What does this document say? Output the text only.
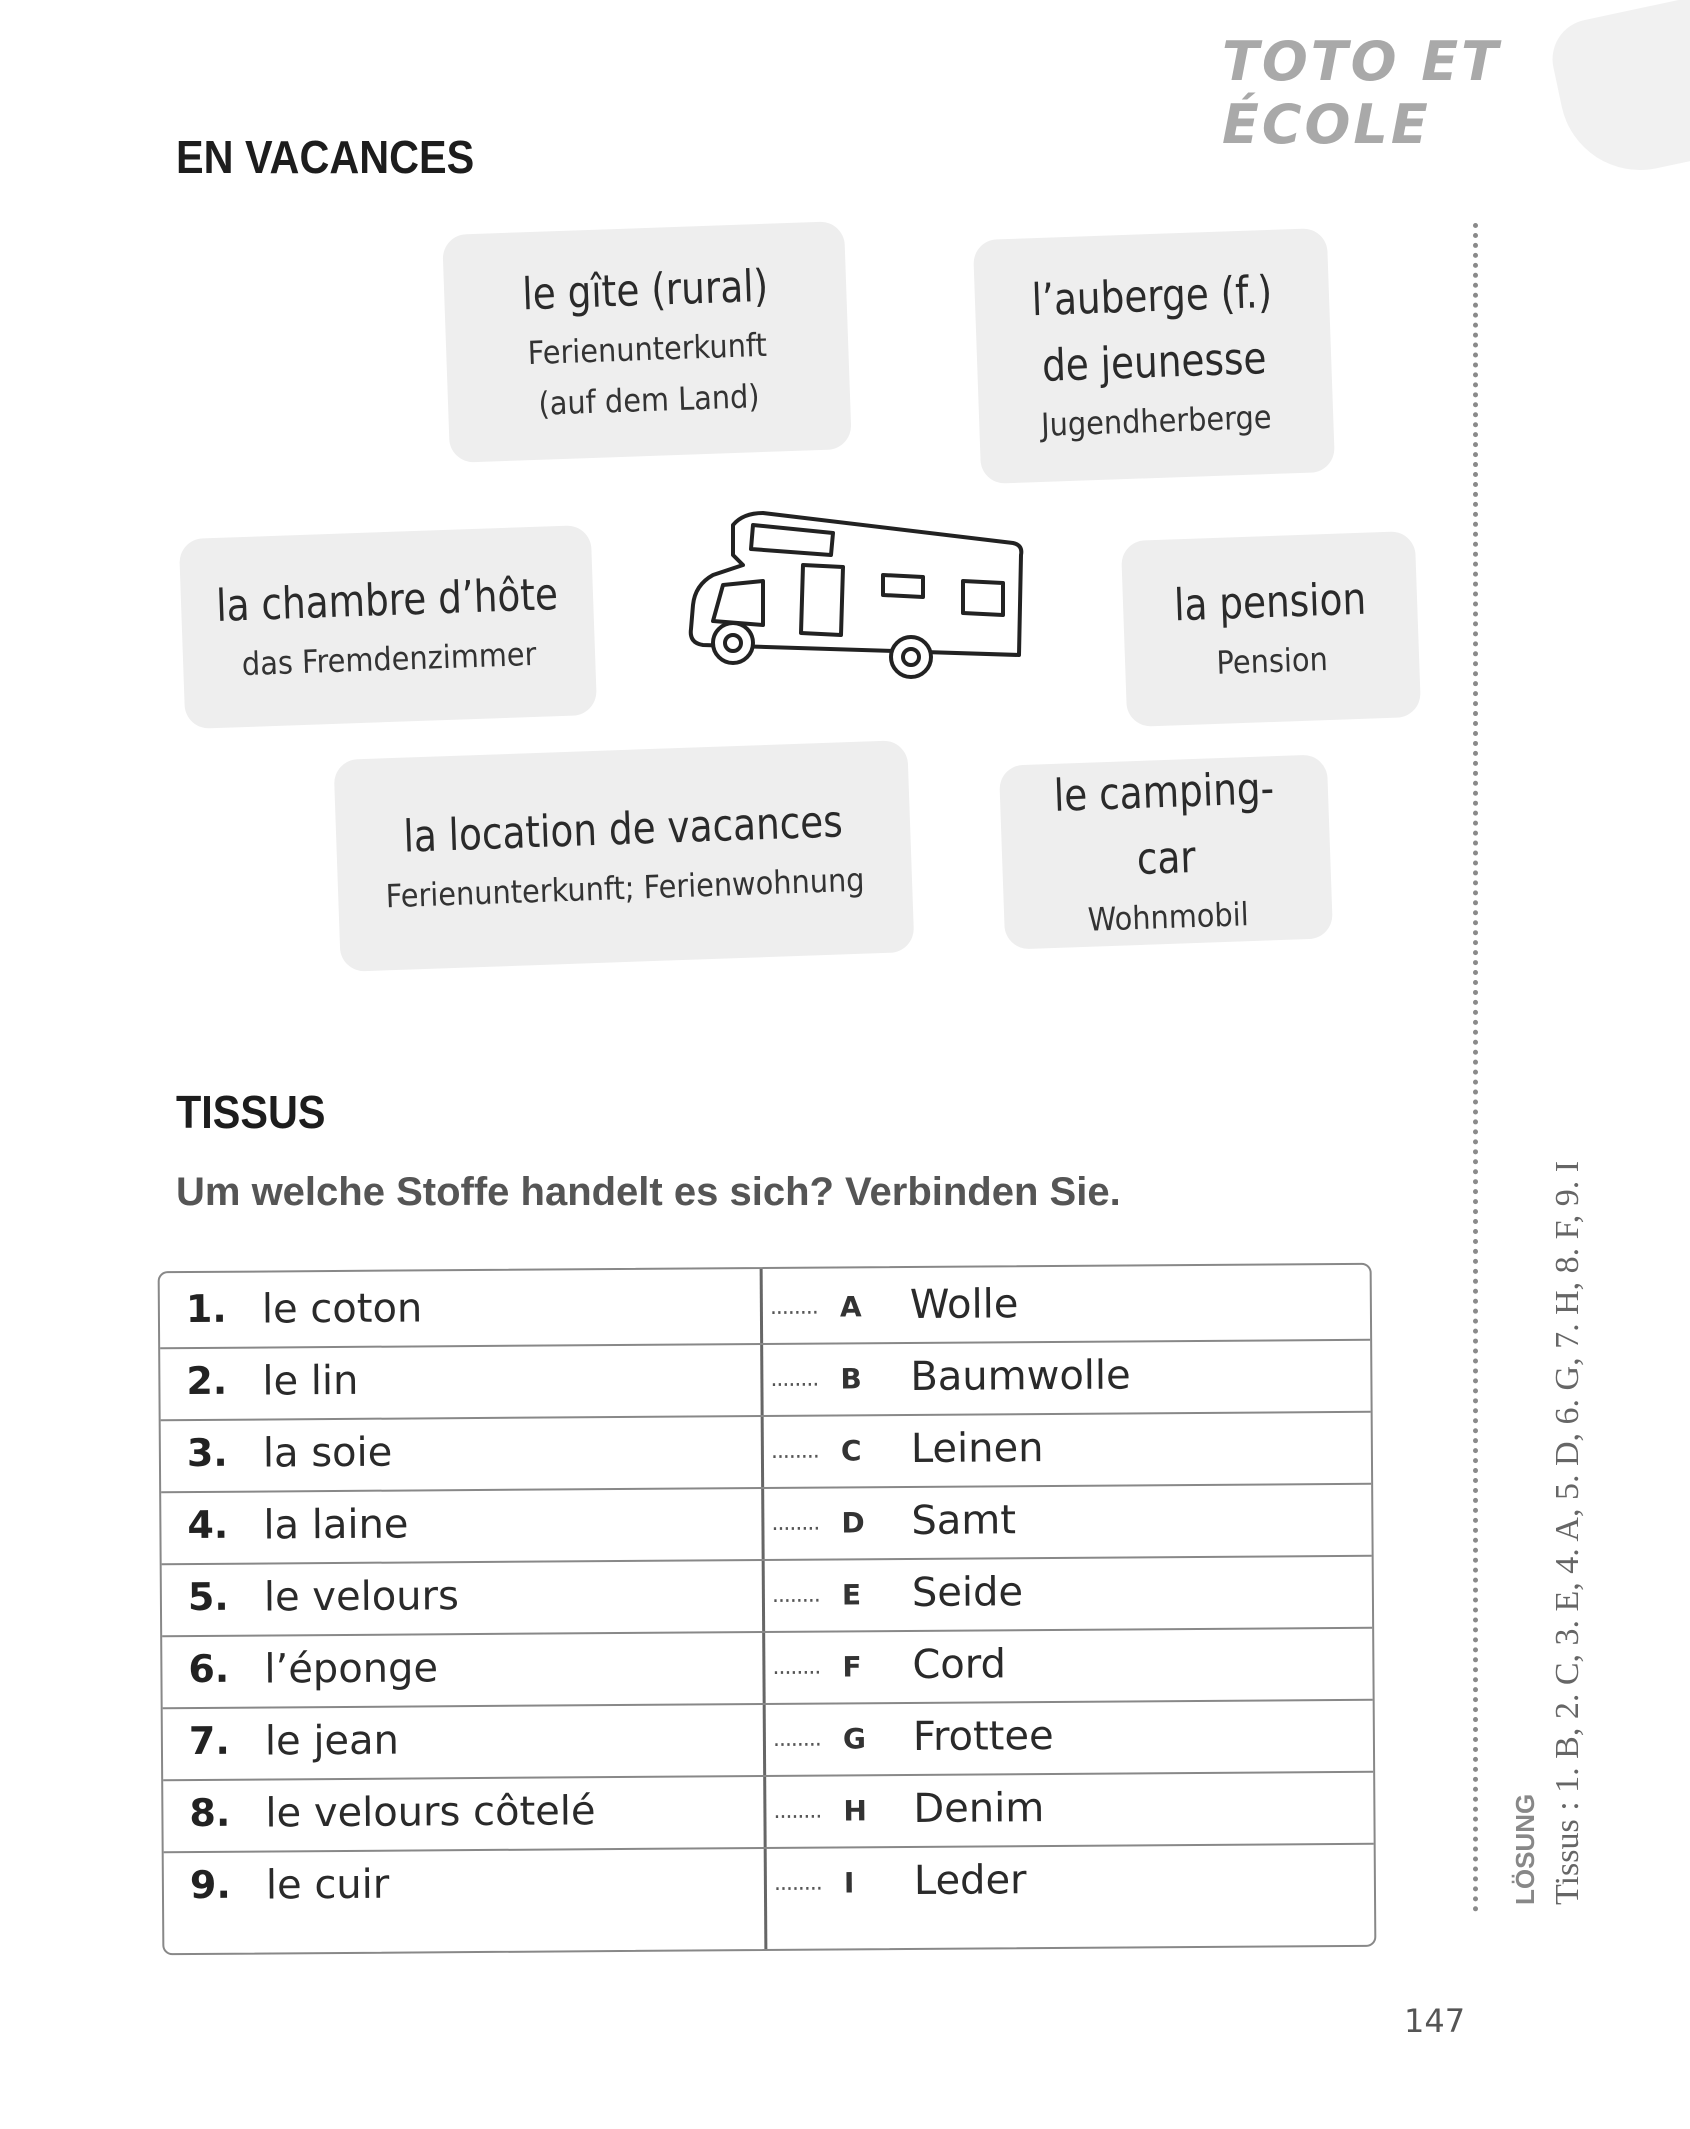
TOTO ET ÉCOLE
EN VACANCES
le gîte (rural)
Ferienunterkunft
(auf dem Land)
l’auberge (f.)
de jeunesse
Jugendherberge
la chambre d’hôte
das Fremdenzimmer
la pension
Pension
la location de vacances
Ferienunterkunft; Ferienwohnung
le camping-car
Wohnmobil
TISSUS
Um welche Stoffe handelt es sich? Verbinden Sie.
1. le coton	........ A Wolle
2. le lin	........ B Baumwolle
3. la soie	........ C Leinen
4. la laine	........ D Samt
5. le velours	........ E Seide
6. l’éponge	........ F Cord
7. le jean	........ G Frottee
8. le velours côtelé	........ H Denim
9. le cuir	........ I Leder	LÖSUNG Tissus : 1. B, 2. C, 3. E, 4. A, 5. D, 6. G, 7. H, 8. F, 9. I
147
